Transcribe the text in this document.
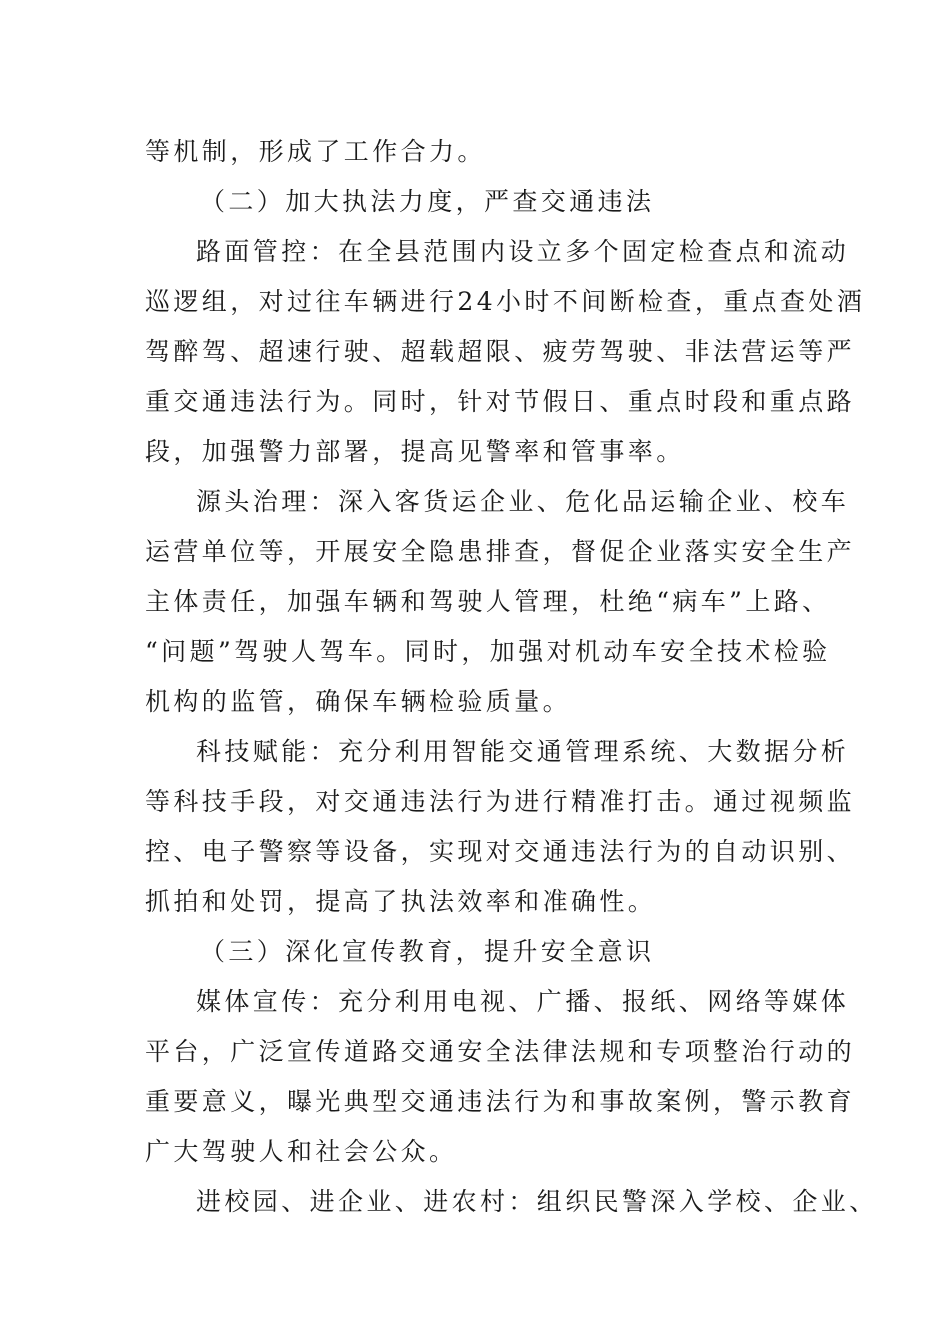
等机制，形成了工作合力。
（二）加大执法力度，严查交通违法
路面管控：在全县范围内设立多个固定检查点和流动
巡逻组，对过往车辆进行24小时不间断检查，重点查处酒
驾醉驾、超速行驶、超载超限、疲劳驾驶、非法营运等严
重交通违法行为。同时，针对节假日、重点时段和重点路
段，加强警力部署，提高见警率和管事率。
源头治理：深入客货运企业、危化品运输企业、校车
运营单位等，开展安全隐患排查，督促企业落实安全生产
主体责任，加强车辆和驾驶人管理，杜绝“病车”上路、
“问题”驾驶人驾车。同时，加强对机动车安全技术检验
机构的监管，确保车辆检验质量。
科技赋能：充分利用智能交通管理系统、大数据分析
等科技手段，对交通违法行为进行精准打击。通过视频监
控、电子警察等设备，实现对交通违法行为的自动识别、
抓拍和处罚，提高了执法效率和准确性。
（三）深化宣传教育，提升安全意识
媒体宣传：充分利用电视、广播、报纸、网络等媒体
平台，广泛宣传道路交通安全法律法规和专项整治行动的
重要意义，曝光典型交通违法行为和事故案例，警示教育
广大驾驶人和社会公众。
进校园、进企业、进农村：组织民警深入学校、企业、
